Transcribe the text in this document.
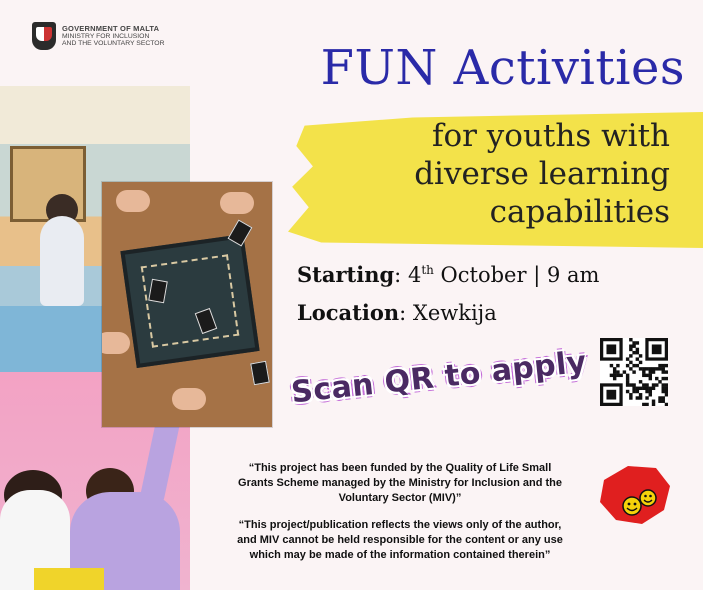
GOVERNMENT OF MALTA
MINISTRY FOR INCLUSION
AND THE VOLUNTARY SECTOR	FUN Activities
for youths with
diverse learning
capabilities
Starting: 4th October | 9 am
Location: Xewkija
Scan QR to apply
“This project has been funded by the Quality of Life Small
Grants Scheme managed by the Ministry for Inclusion and the
Voluntary Sector (MIV)”
“This project/publication reflects the views only of the author,
and MIV cannot be held responsible for the content or any use
which may be made of the information contained therein”
